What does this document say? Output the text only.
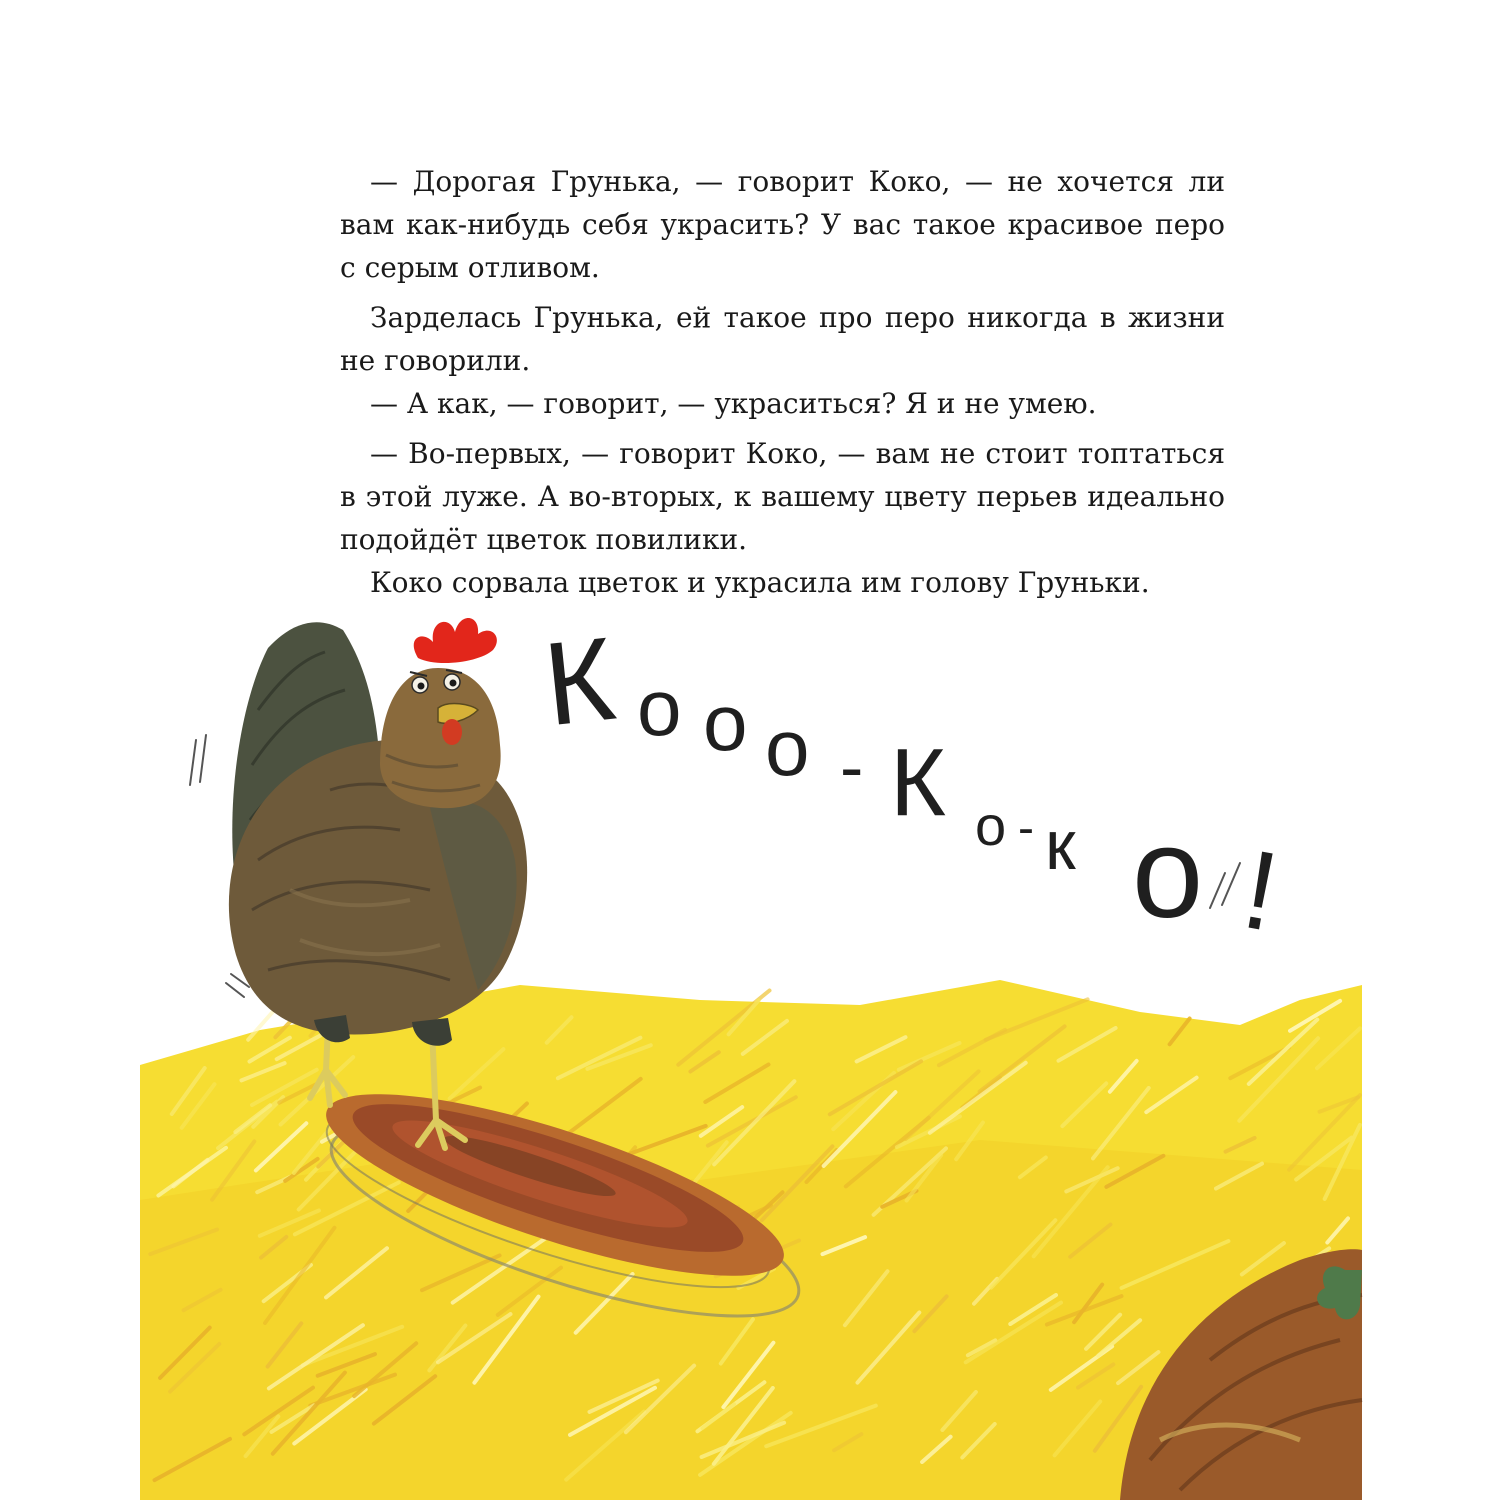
— Дорогая Грунька, — говорит Коко, — не хочется ли вам как-нибудь себя украсить? У вас такое красивое перо с серым отливом.

Зарделась Грунька, ей такое про перо никогда в жизни не говорили.

— А как, — говорит, — украситься? Я и не умею.

— Во-первых, — говорит Коко, — вам не стоит топтаться в этой луже. А во-вторых, к вашему цвету перьев идеально подойдёт цветок повилики.

Коко сорвала цветок и украсила им голову Груньки.

К о о о - К о - к о !
